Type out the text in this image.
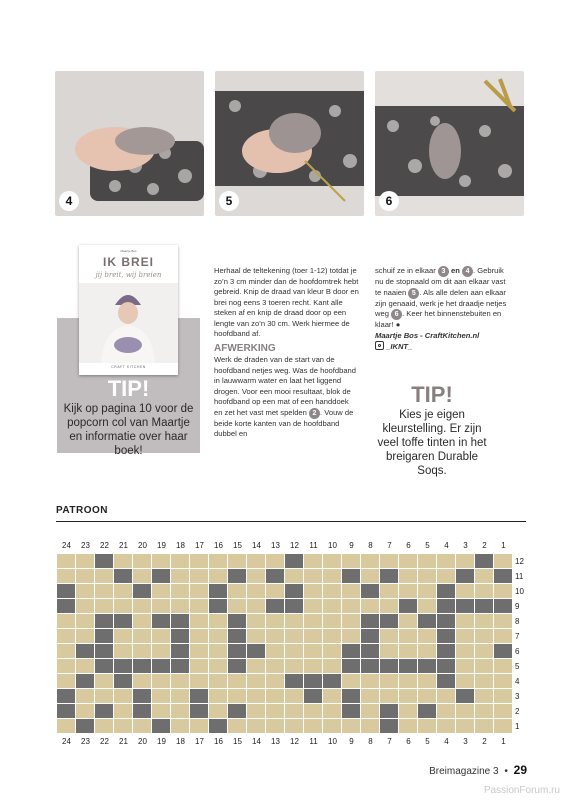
4	5	6
TIP!
Kijk op pagina 10 voor de popcorn col van Maartje en informatie over haar boek!
Maartje Bos
IK BREI
jij breit, wij breien
CRAFT KITCHEN

Herhaal de teltekening (toer 1-12) totdat je zo’n 3 cm minder dan de hoofdomtrek hebt gebreid. Knip de draad van kleur B door en brei nog eens 3 toeren recht. Kant alle steken af en knip de draad door op een lengte van zo’n 30 cm. Werk hiermee de hoofdband af.

AFWERKING

Werk de draden van de start van de hoofdband netjes weg. Was de hoofdband in lauwwarm water en laat het liggend drogen. Voor een mooi resultaat, blok de hoofdband op een mat of een handdoek en zet het vast met spelden 2 . Vouw de beide korte kanten van de hoofdband dubbel en

schuif ze in elkaar 3 en 4 . Gebruik nu de stopnaald om dit aan elkaar vast te naaien 5 . Als alle delen aan elkaar zijn genaaid, werk je het draadje netjes weg 6 . Keer het binnenstebuiten en klaar! ●

Maartje Bos - CraftKitchen.nl

_IKNT_

TIP!
Kies je eigen kleurstelling. Er zijn veel toffe tinten in het breigaren Durable Soqs.
PATROON
24	23	22	21	20	19	18	17	16	15	14	13	12	11	10	9	8	7	6	5	4	3	2	1
24	23	22	21	20	19	18	17	16	15	14	13	12	11	10	9	8	7	6	5	4	3	2	1
12
11
10
9
8
7
6
5
4
3
2
1
Breimagazine 3 • 29
PassionForum.ru
